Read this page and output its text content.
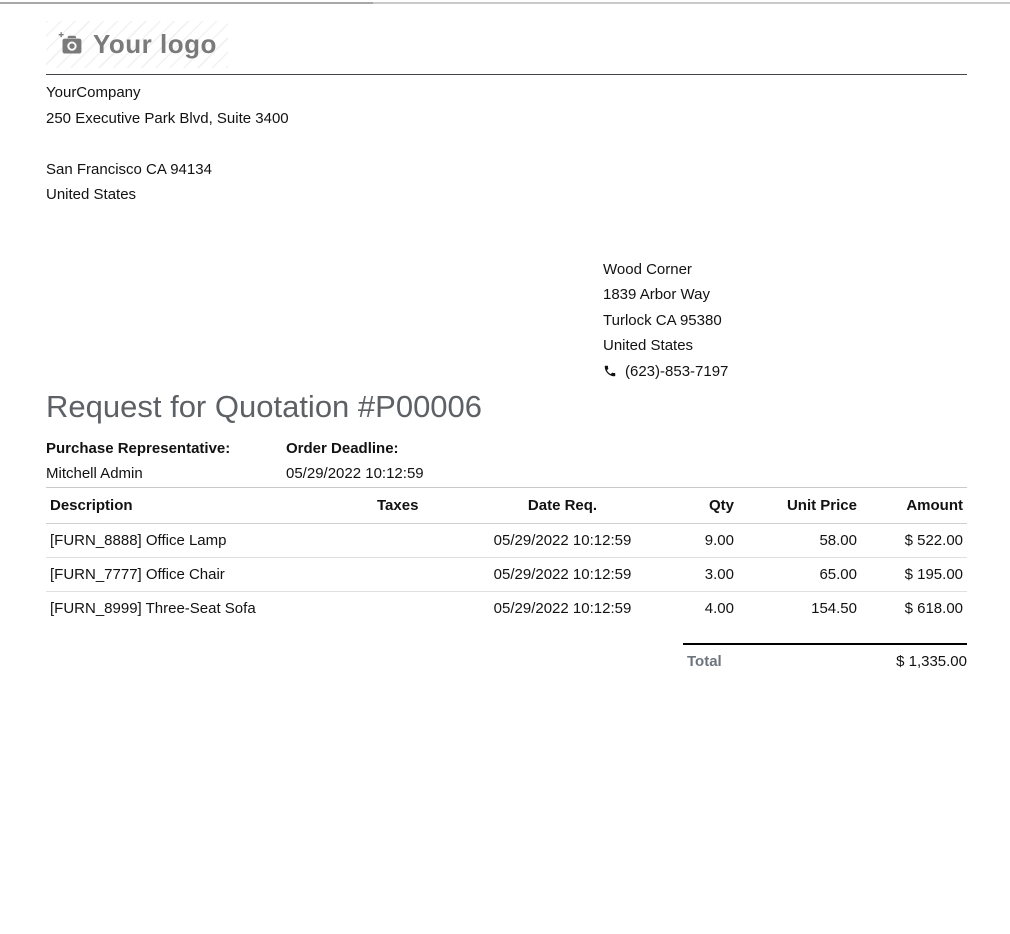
Your logo
YourCompany
250 Executive Park Blvd, Suite 3400
San Francisco CA 94134
United States
Wood Corner
1839 Arbor Way
Turlock CA 95380
United States
(623)-853-7197
Request for Quotation #P00006
Purchase Representative:
Mitchell Admin
Order Deadline:
05/29/2022 10:12:59
Description	Taxes	Date Req.	Qty	Unit Price	Amount
[FURN_8888] Office Lamp		05/29/2022 10:12:59	9.00	58.00	$ 522.00
[FURN_7777] Office Chair		05/29/2022 10:12:59	3.00	65.00	$ 195.00
[FURN_8999] Three-Seat Sofa		05/29/2022 10:12:59	4.00	154.50	$ 618.00
Total	$ 1,335.00
